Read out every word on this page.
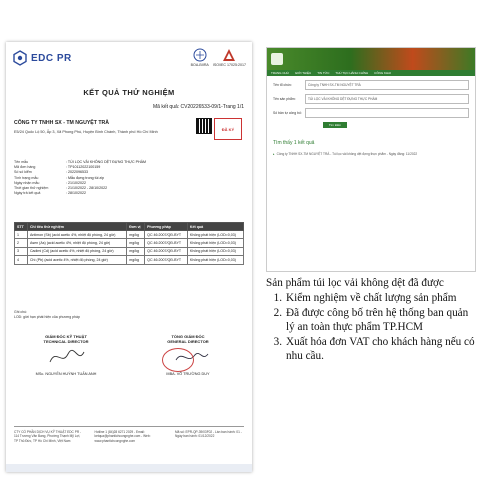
EDC PR
BOA-BIIRA ISO/IEC 17025:2017
KẾT QUẢ THỬ NGHIỆM
Mã kết quả: CV20226533-09/1-Trang 1/1
CÔNG TY TNHH SX - TM NGUYỆT TRÀ
E5/24 Quốc Lộ 50, Ấp 3, Xã Phong Phú, Huyện Bình Chánh, Thành phố Hồ Chí Minh
ĐÃ KÝ
Tên mẫu	: TÚI LỌC VẢI KHÔNG DỆT ĐỰNG THỰC PHẨM
Mã đơn hàng	: TP10112022100159
Số số kiểm	: 2022096533
Tình trạng mẫu	: Mẫu đựng trong túi zip
Ngày nhận mẫu	: 21/10/2022
Thời gian thử nghiệm	: 21/10/2022 - 28/10/2022
Ngày trả kết quả	: 28/10/2022
STT	Chỉ tiêu thử nghiệm	Đơn vị	Phương pháp	Kết quả
1	Antimon (Sb) (acid acetic 4%, nhiệt độ phòng, 24 giờ)	mg/kg	QC 46:2007/QĐ-BYT	Không phát hiện (LOD=0,03)
2	Asen (As) (acid acetic 4%, nhiệt độ phòng, 24 giờ)	mg/kg	QC 46:2007/QĐ-BYT	Không phát hiện (LOD=0,03)
3	Cadimi (Cd) (acid acetic 4%, nhiệt độ phòng, 24 giờ)	mg/kg	QC 46:2007/QĐ-BYT	Không phát hiện (LOD=0,03)
4	Chì (Pb) (acid acetic 4%, nhiệt độ phòng, 24 giờ)	mg/kg	QC 46:2007/QĐ-BYT	Không phát hiện (LOD=0,03)
Ghi chú:
LOD: giới hạn phát hiện của phương pháp
GIÁM ĐỐC KỸ THUẬT
TECHNICAL DIRECTOR
MSc. NGUYỄN HUỲNH TUẤN ANH
TỔNG GIÁM ĐỐC
GENERAL DIRECTOR
MBA. VÕ TRƯỜNG DUY
CTY CỔ PHẦN DỊCH VỤ KỸ THUẬT EDC PR - 114 Trương Văn Bang, Phường Thạnh Mỹ Lợi, TP Thủ Đức, TP Hồ Chí Minh, Việt Nam
Hotline 1 (84)28 6271 2029 - Email: ketqua@phantichcongnghe.com - Web: www.phantichcongnghe.com
Mã số: EPR-QP-39/03F02 - Lần ban hành: 01 - Ngày ban hành: 01/12/2022
TRANG CHỦ GIỚI THIỆU TIN TỨC THỦ TỤC HÀNH CHÍNH CÔNG KHAI
Tên tổ chức:	Công ty TNHH SX-TM NGUYỆT TRÀ
Tên sản phẩm:	TÚI LỌC VẢI KHÔNG DỆT ĐỰNG THỰC PHẨM
Số bản tự công bố:
Tìm kiếm
Tìm thấy 1 kết quả
▸ Công ty TNHH SX-TM NGUYỆT TRÀ - Túi lọc vải không dệt đựng thực phẩm - Ngày đăng: 11/2022
Sản phẩm túi lọc vải không dệt đã được
1. Kiểm nghiệm về chất lượng sản phẩm
2. Đã được công bố trên hệ thống ban quản lý an toàn thực phẩm TP.HCM
3. Xuất hóa đơn VAT cho khách hàng nếu có nhu cầu.
